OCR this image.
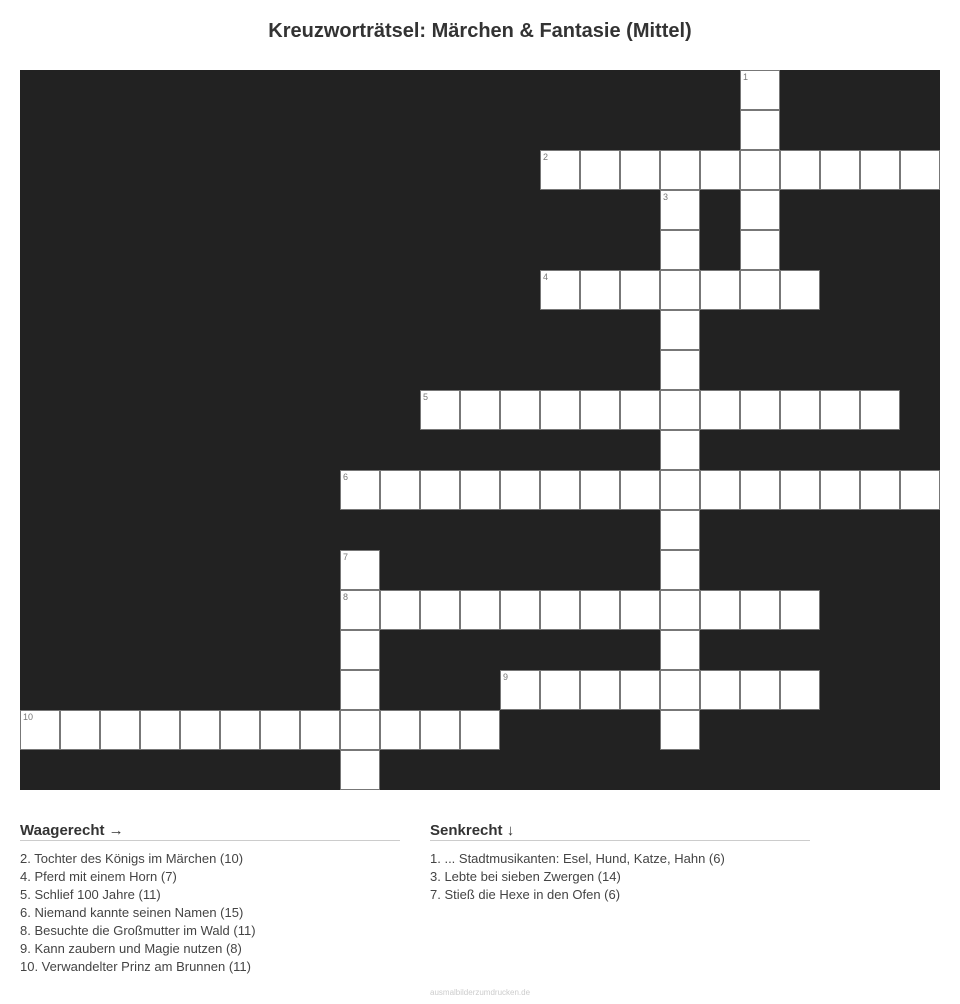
Kreuzworträtsel: Märchen & Fantasie (Mittel)
1
2
3
4
5
6
7
8
9
10
Waagerecht →
2. Tochter des Königs im Märchen (10)
4. Pferd mit einem Horn (7)
5. Schlief 100 Jahre (11)
6. Niemand kannte seinen Namen (15)
8. Besuchte die Großmutter im Wald (11)
9. Kann zaubern und Magie nutzen (8)
10. Verwandelter Prinz am Brunnen (11)
Senkrecht ↓
1. ... Stadtmusikanten: Esel, Hund, Katze, Hahn (6)
3. Lebte bei sieben Zwergen (14)
7. Stieß die Hexe in den Ofen (6)
ausmalbilderzumdrucken.de
